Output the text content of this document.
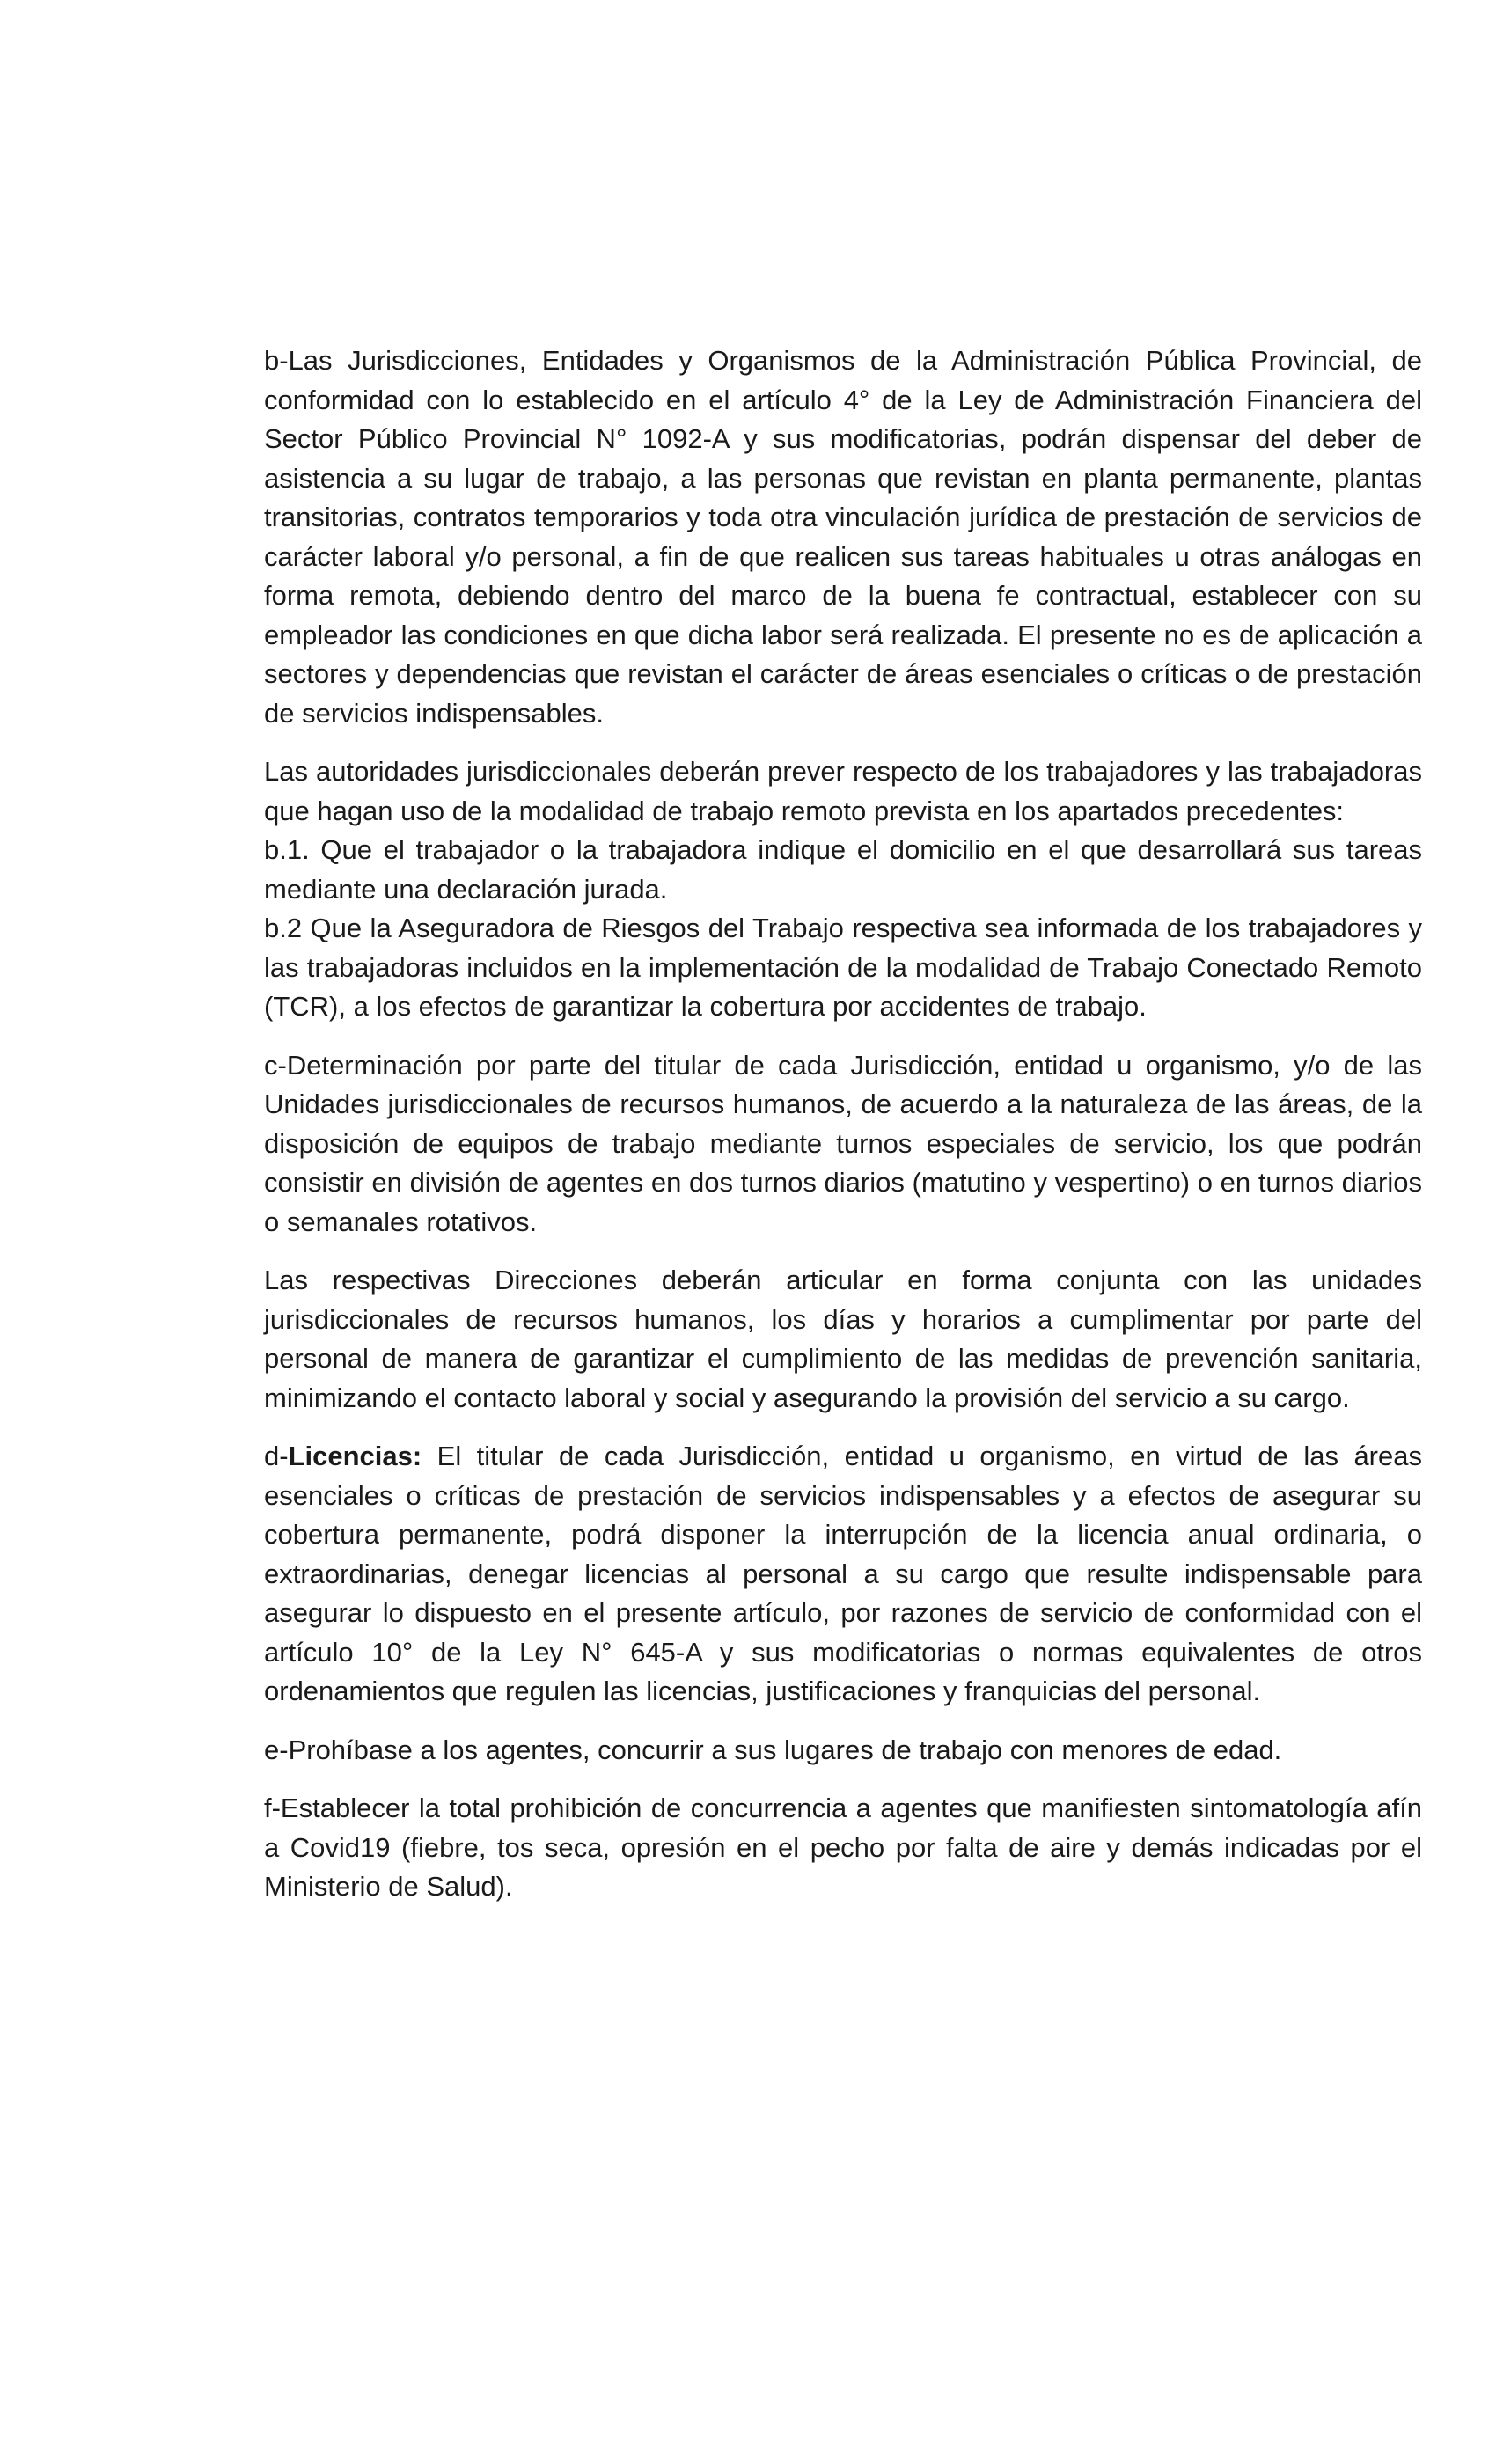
b-Las Jurisdicciones, Entidades y Organismos de la Administración Pública Provincial, de conformidad con lo establecido en el artículo 4° de la Ley de Administración Financiera del Sector Público Provincial N° 1092-A y sus modificatorias, podrán dispensar del deber de asistencia a su lugar de trabajo, a las personas que revistan en planta permanente, plantas transitorias, contratos temporarios y toda otra vinculación jurídica de prestación de servicios de carácter laboral y/o personal, a fin de que realicen sus tareas habituales u otras análogas en forma remota, debiendo dentro del marco de la buena fe contractual, establecer con su empleador las condiciones en que dicha labor será realizada. El presente no es de aplicación a sectores y dependencias que revistan el carácter de áreas esenciales o críticas o de prestación de servicios indispensables.

Las autoridades jurisdiccionales deberán prever respecto de los trabajadores y las trabajadoras que hagan uso de la modalidad de trabajo remoto prevista en los apartados precedentes:

b.1. Que el trabajador o la trabajadora indique el domicilio en el que desarrollará sus tareas mediante una declaración jurada.

b.2 Que la Aseguradora de Riesgos del Trabajo respectiva sea informada de los trabajadores y las trabajadoras incluidos en la implementación de la modalidad de Trabajo Conectado Remoto (TCR), a los efectos de garantizar la cobertura por accidentes de trabajo.

c-Determinación por parte del titular de cada Jurisdicción, entidad u organismo, y/o de las Unidades jurisdiccionales de recursos humanos, de acuerdo a la naturaleza de las áreas, de la disposición de equipos de trabajo mediante turnos especiales de servicio, los que podrán consistir en división de agentes en dos turnos diarios (matutino y vespertino) o en turnos diarios o semanales rotativos.

Las respectivas Direcciones deberán articular en forma conjunta con las unidades jurisdiccionales de recursos humanos, los días y horarios a cumplimentar por parte del personal de manera de garantizar el cumplimiento de las medidas de prevención sanitaria, minimizando el contacto laboral y social y asegurando la provisión del servicio a su cargo.

d-Licencias: El titular de cada Jurisdicción, entidad u organismo, en virtud de las áreas esenciales o críticas de prestación de servicios indispensables y a efectos de asegurar su cobertura permanente, podrá disponer la interrupción de la licencia anual ordinaria, o extraordinarias, denegar licencias al personal a su cargo que resulte indispensable para asegurar lo dispuesto en el presente artículo, por razones de servicio de conformidad con el artículo 10° de la Ley N° 645-A y sus modificatorias o normas equivalentes de otros ordenamientos que regulen las licencias, justificaciones y franquicias del personal.

e-Prohíbase a los agentes, concurrir a sus lugares de trabajo con menores de edad.

f-Establecer la total prohibición de concurrencia a agentes que manifiesten sintomatología afín a Covid19 (fiebre, tos seca, opresión en el pecho por falta de aire y demás indicadas por el Ministerio de Salud).
